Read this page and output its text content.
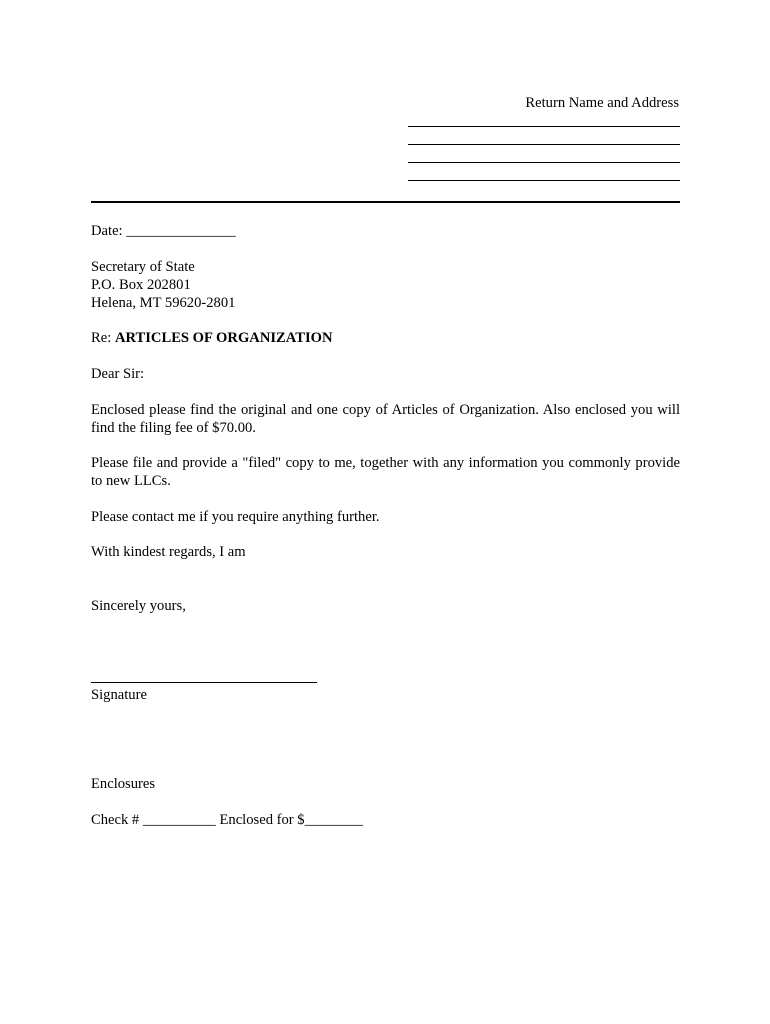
Return Name and Address
Date: _______________
Secretary of State
P.O. Box 202801
Helena, MT 59620-2801
Re: ARTICLES OF ORGANIZATION
Dear Sir:
Enclosed please find the original and one copy of Articles of Organization. Also enclosed you will find the filing fee of $70.00.
Please file and provide a "filed" copy to me, together with any information you commonly provide to new LLCs.
Please contact me if you require anything further.
With kindest regards, I am
Sincerely yours,
Signature
Enclosures
Check # __________ Enclosed for $________
